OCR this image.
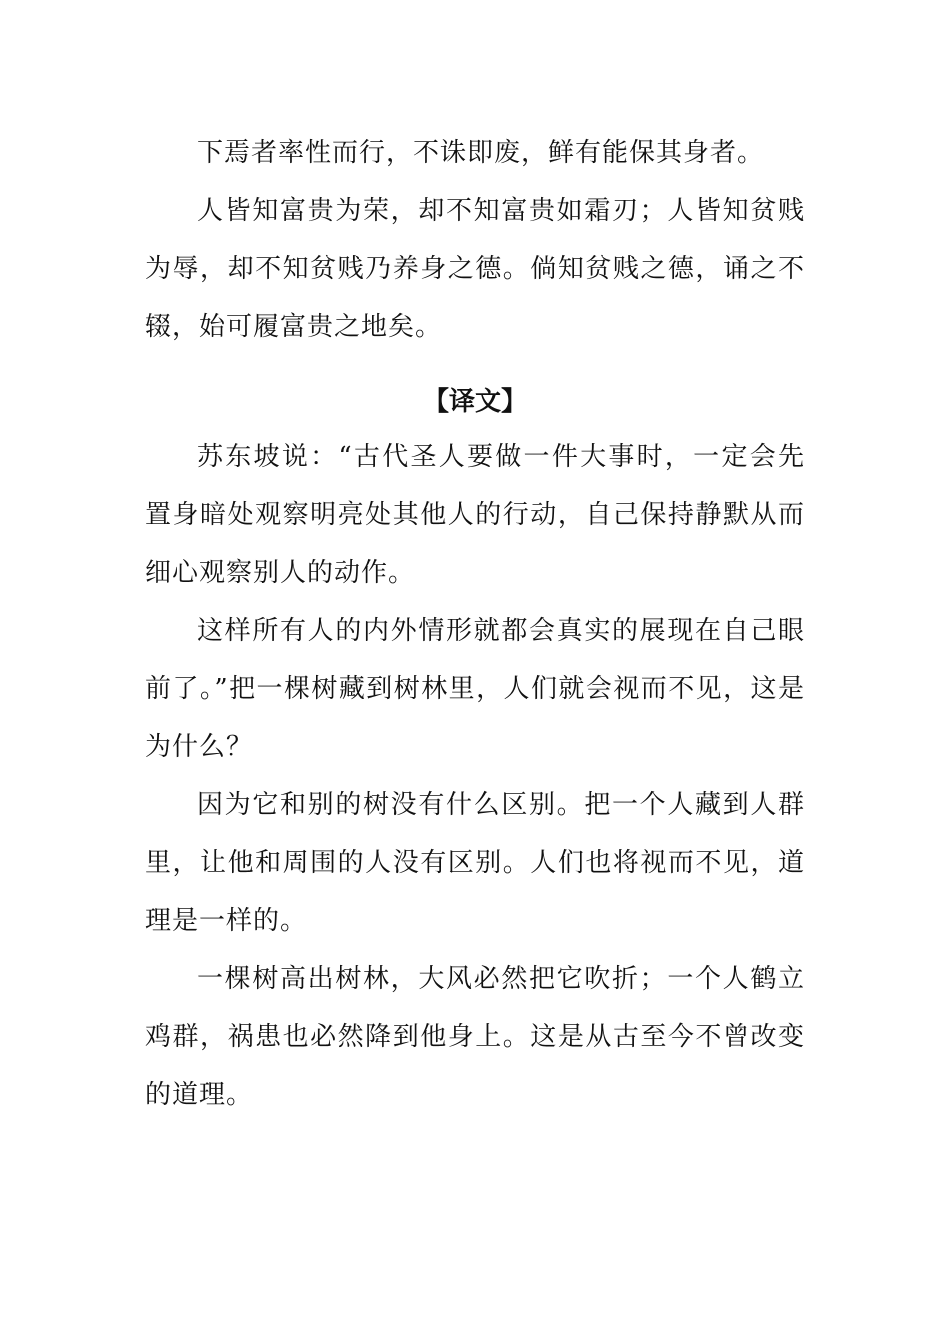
下焉者率性而行，不诛即废，鲜有能保其身者。

人皆知富贵为荣，却不知富贵如霜刃；人皆知贫贱为辱，却不知贫贱乃养身之德。倘知贫贱之德，诵之不辍，始可履富贵之地矣。

【译文】

苏东坡说：“古代圣人要做一件大事时，一定会先置身暗处观察明亮处其他人的行动，自己保持静默从而细心观察别人的动作。

这样所有人的内外情形就都会真实的展现在自己眼前了。”把一棵树藏到树林里，人们就会视而不见，这是为什么？

因为它和别的树没有什么区别。把一个人藏到人群里，让他和周围的人没有区别。人们也将视而不见，道理是一样的。

一棵树高出树林，大风必然把它吹折；一个人鹤立鸡群，祸患也必然降到他身上。这是从古至今不曾改变的道理。
